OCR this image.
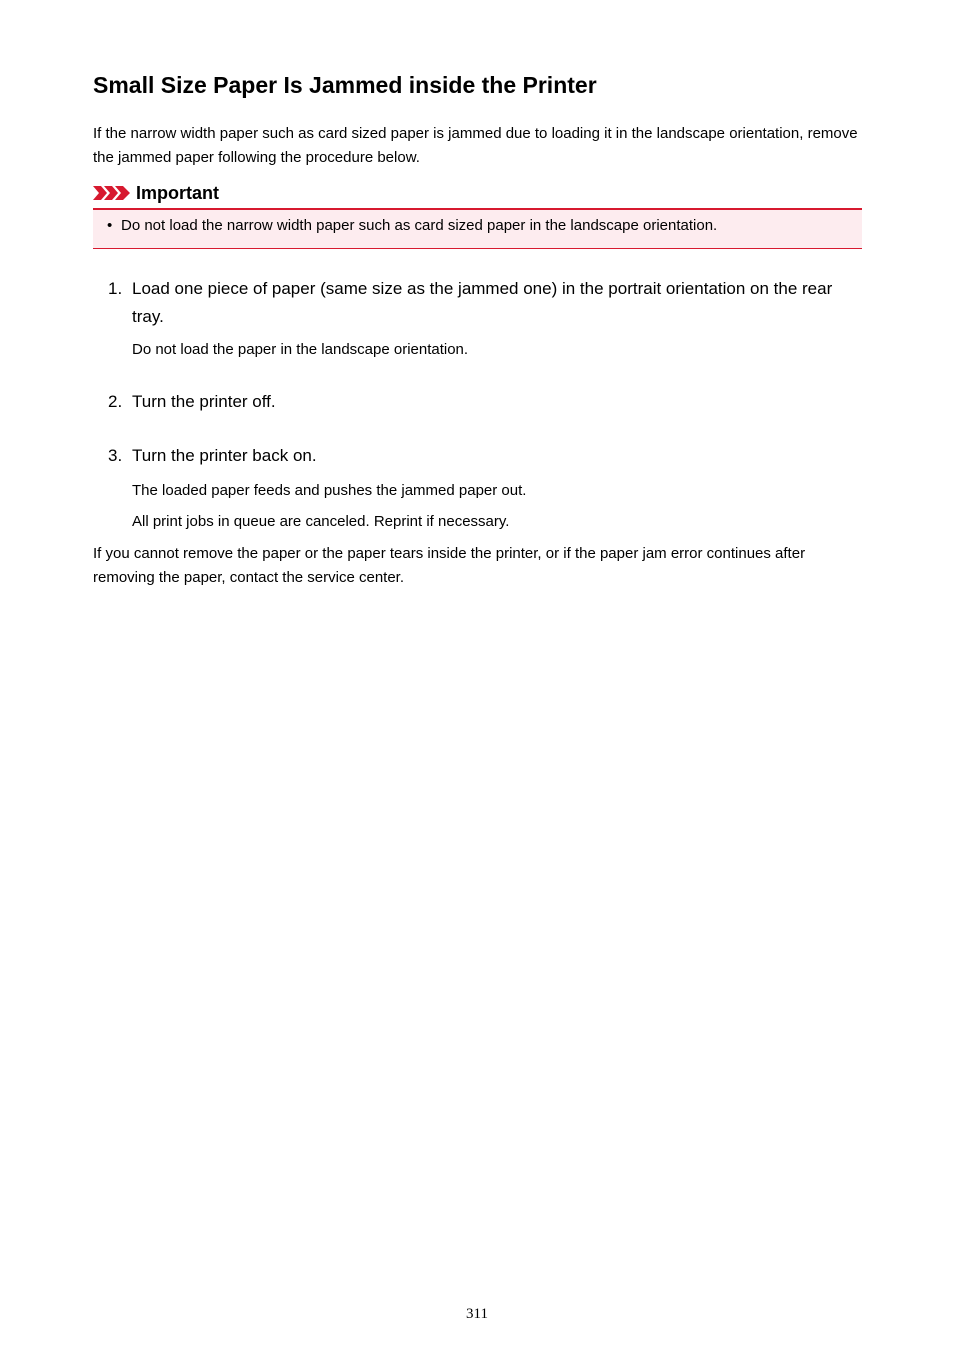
Small Size Paper Is Jammed inside the Printer

If the narrow width paper such as card sized paper is jammed due to loading it in the landscape orientation, remove the jammed paper following the procedure below.

Important
• Do not load the narrow width paper such as card sized paper in the landscape orientation.
1. Load one piece of paper (same size as the jammed one) in the portrait orientation on the rear tray.
Do not load the paper in the landscape orientation.
2. Turn the printer off.
3. Turn the printer back on.
The loaded paper feeds and pushes the jammed paper out.
All print jobs in queue are canceled. Reprint if necessary.

If you cannot remove the paper or the paper tears inside the printer, or if the paper jam error continues after removing the paper, contact the service center.

311
